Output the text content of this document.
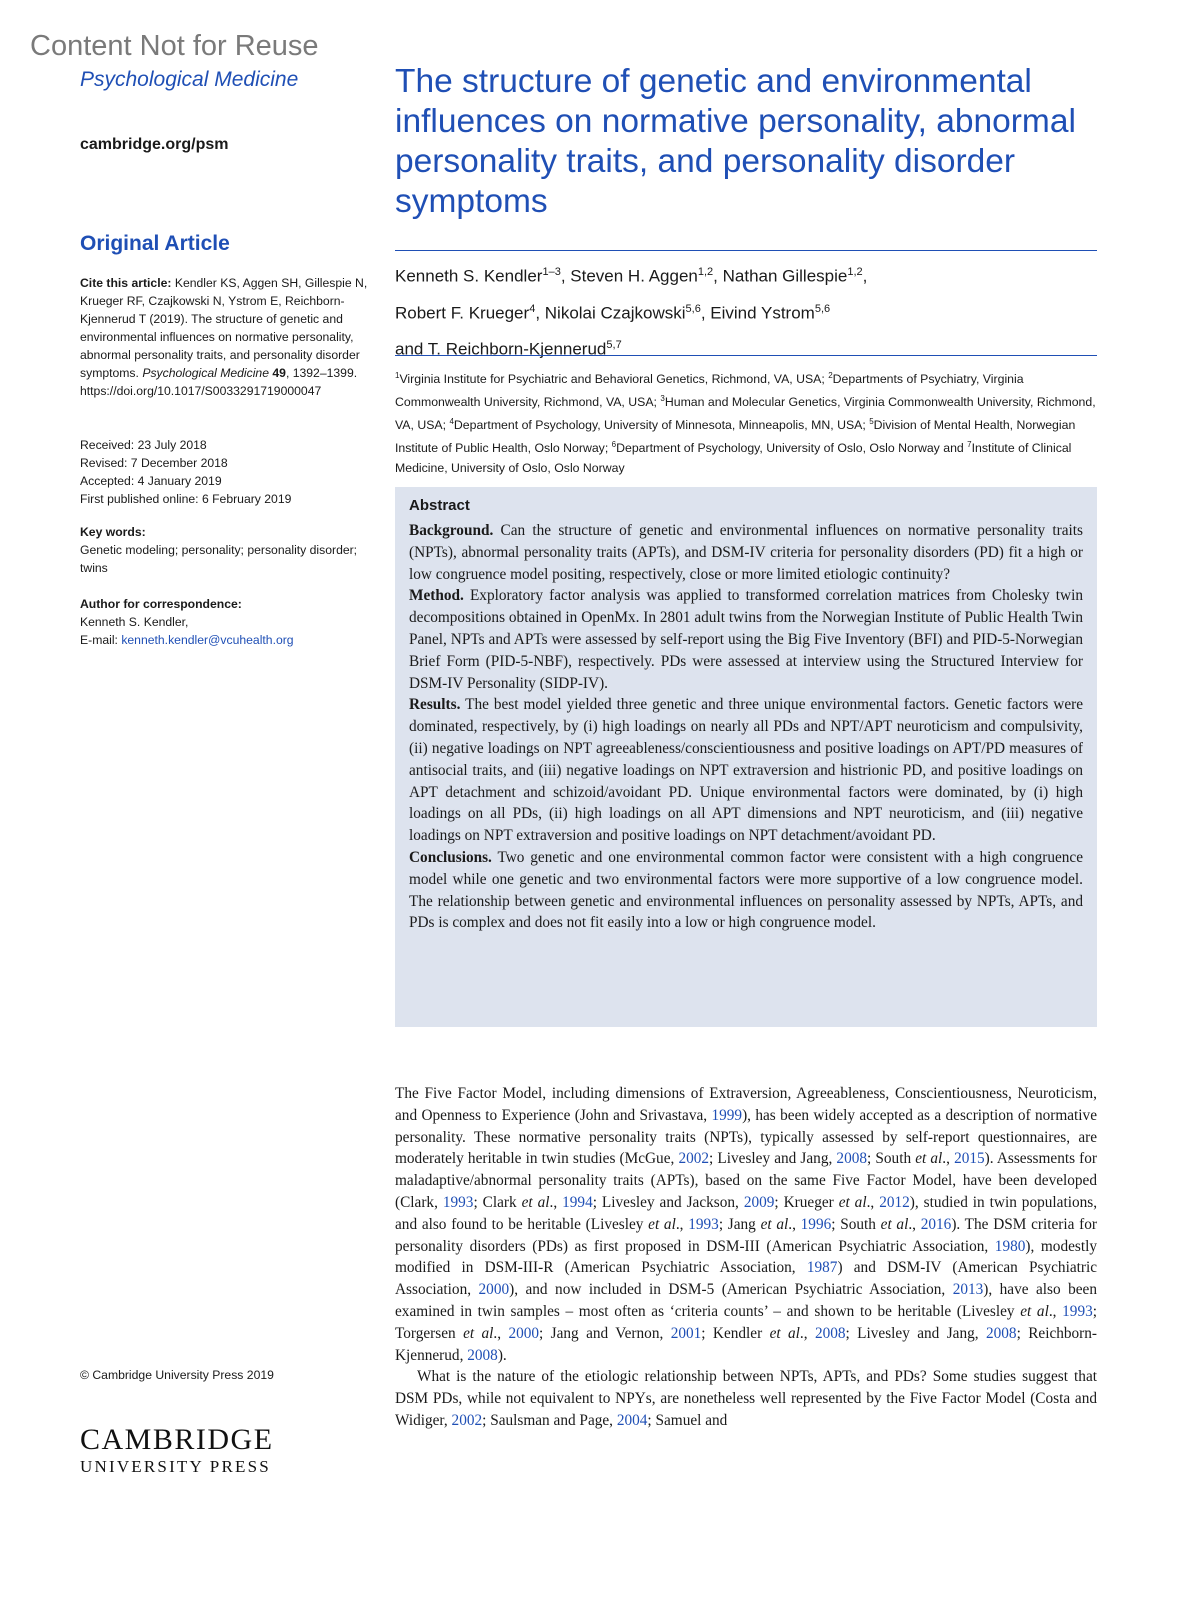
Content Not for Reuse
Psychological Medicine
cambridge.org/psm
Original Article

Cite this article: Kendler KS, Aggen SH, Gillespie N, Krueger RF, Czajkowski N, Ystrom E, Reichborn-Kjennerud T (2019). The structure of genetic and environmental influences on normative personality, abnormal personality traits, and personality disorder symptoms. Psychological Medicine 49, 1392–1399. https://doi.org/10.1017/S0033291719000047

Received: 23 July 2018

Revised: 7 December 2018

Accepted: 4 January 2019

First published online: 6 February 2019

Key words:

Genetic modeling; personality; personality disorder; twins

Author for correspondence:

Kenneth S. Kendler,

E-mail: kenneth.kendler@vcuhealth.org

© Cambridge University Press 2019
CAMBRIDGE
UNIVERSITY PRESS
The structure of genetic and environmental influences on normative personality, abnormal personality traits, and personality disorder symptoms
Kenneth S. Kendler$^{1-3}$, Steven H. Aggen$^{1,2}$, Nathan Gillespie$^{1,2}$,
Robert F. Krueger$^4$, Nikolai Czajkowski$^{5,6}$, Eivind Ystrom$^{5,6}$
and T. Reichborn-Kjennerud$^{5,7}$
$^1$Virginia Institute for Psychiatric and Behavioral Genetics, Richmond, VA, USA; $^2$Departments of Psychiatry, Virginia Commonwealth University, Richmond, VA, USA; $^3$Human and Molecular Genetics, Virginia Commonwealth University, Richmond, VA, USA; $^4$Department of Psychology, University of Minnesota, Minneapolis, MN, USA; $^5$Division of Mental Health, Norwegian Institute of Public Health, Oslo Norway; $^6$Department of Psychology, University of Oslo, Oslo Norway and $^7$Institute of Clinical Medicine, University of Oslo, Oslo Norway
Abstract

Background. Can the structure of genetic and environmental influences on normative personality traits (NPTs), abnormal personality traits (APTs), and DSM-IV criteria for personality disorders (PD) fit a high or low congruence model positing, respectively, close or more limited etiologic continuity?

Method. Exploratory factor analysis was applied to transformed correlation matrices from Cholesky twin decompositions obtained in OpenMx. In 2801 adult twins from the Norwegian Institute of Public Health Twin Panel, NPTs and APTs were assessed by self-report using the Big Five Inventory (BFI) and PID-5-Norwegian Brief Form (PID-5-NBF), respectively. PDs were assessed at interview using the Structured Interview for DSM-IV Personality (SIDP-IV).

Results. The best model yielded three genetic and three unique environmental factors. Genetic factors were dominated, respectively, by (i) high loadings on nearly all PDs and NPT/APT neuroticism and compulsivity, (ii) negative loadings on NPT agreeableness/conscientiousness and positive loadings on APT/PD measures of antisocial traits, and (iii) negative loadings on NPT extraversion and histrionic PD, and positive loadings on APT detachment and schizoid/avoidant PD. Unique environmental factors were dominated, by (i) high loadings on all PDs, (ii) high loadings on all APT dimensions and NPT neuroticism, and (iii) negative loadings on NPT extraversion and positive loadings on NPT detachment/avoidant PD.

Conclusions. Two genetic and one environmental common factor were consistent with a high congruence model while one genetic and two environmental factors were more supportive of a low congruence model. The relationship between genetic and environmental influences on personality assessed by NPTs, APTs, and PDs is complex and does not fit easily into a low or high congruence model.

The Five Factor Model, including dimensions of Extraversion, Agreeableness, Conscientiousness, Neuroticism, and Openness to Experience (John and Srivastava, 1999), has been widely accepted as a description of normative personality. These normative personality traits (NPTs), typically assessed by self-report questionnaires, are moderately heritable in twin studies (McGue, 2002; Livesley and Jang, 2008; South et al., 2015). Assessments for maladaptive/abnormal personality traits (APTs), based on the same Five Factor Model, have been developed (Clark, 1993; Clark et al., 1994; Livesley and Jackson, 2009; Krueger et al., 2012), studied in twin populations, and also found to be heritable (Livesley et al., 1993; Jang et al., 1996; South et al., 2016). The DSM criteria for personality disorders (PDs) as first proposed in DSM-III (American Psychiatric Association, 1980), modestly modified in DSM-III-R (American Psychiatric Association, 1987) and DSM-IV (American Psychiatric Association, 2000), and now included in DSM-5 (American Psychiatric Association, 2013), have also been examined in twin samples – most often as ‘criteria counts’ – and shown to be heritable (Livesley et al., 1993; Torgersen et al., 2000; Jang and Vernon, 2001; Kendler et al., 2008; Livesley and Jang, 2008; Reichborn-Kjennerud, 2008).

What is the nature of the etiologic relationship between NPTs, APTs, and PDs? Some studies suggest that DSM PDs, while not equivalent to NPYs, are nonetheless well represented by the Five Factor Model (Costa and Widiger, 2002; Saulsman and Page, 2004; Samuel and
